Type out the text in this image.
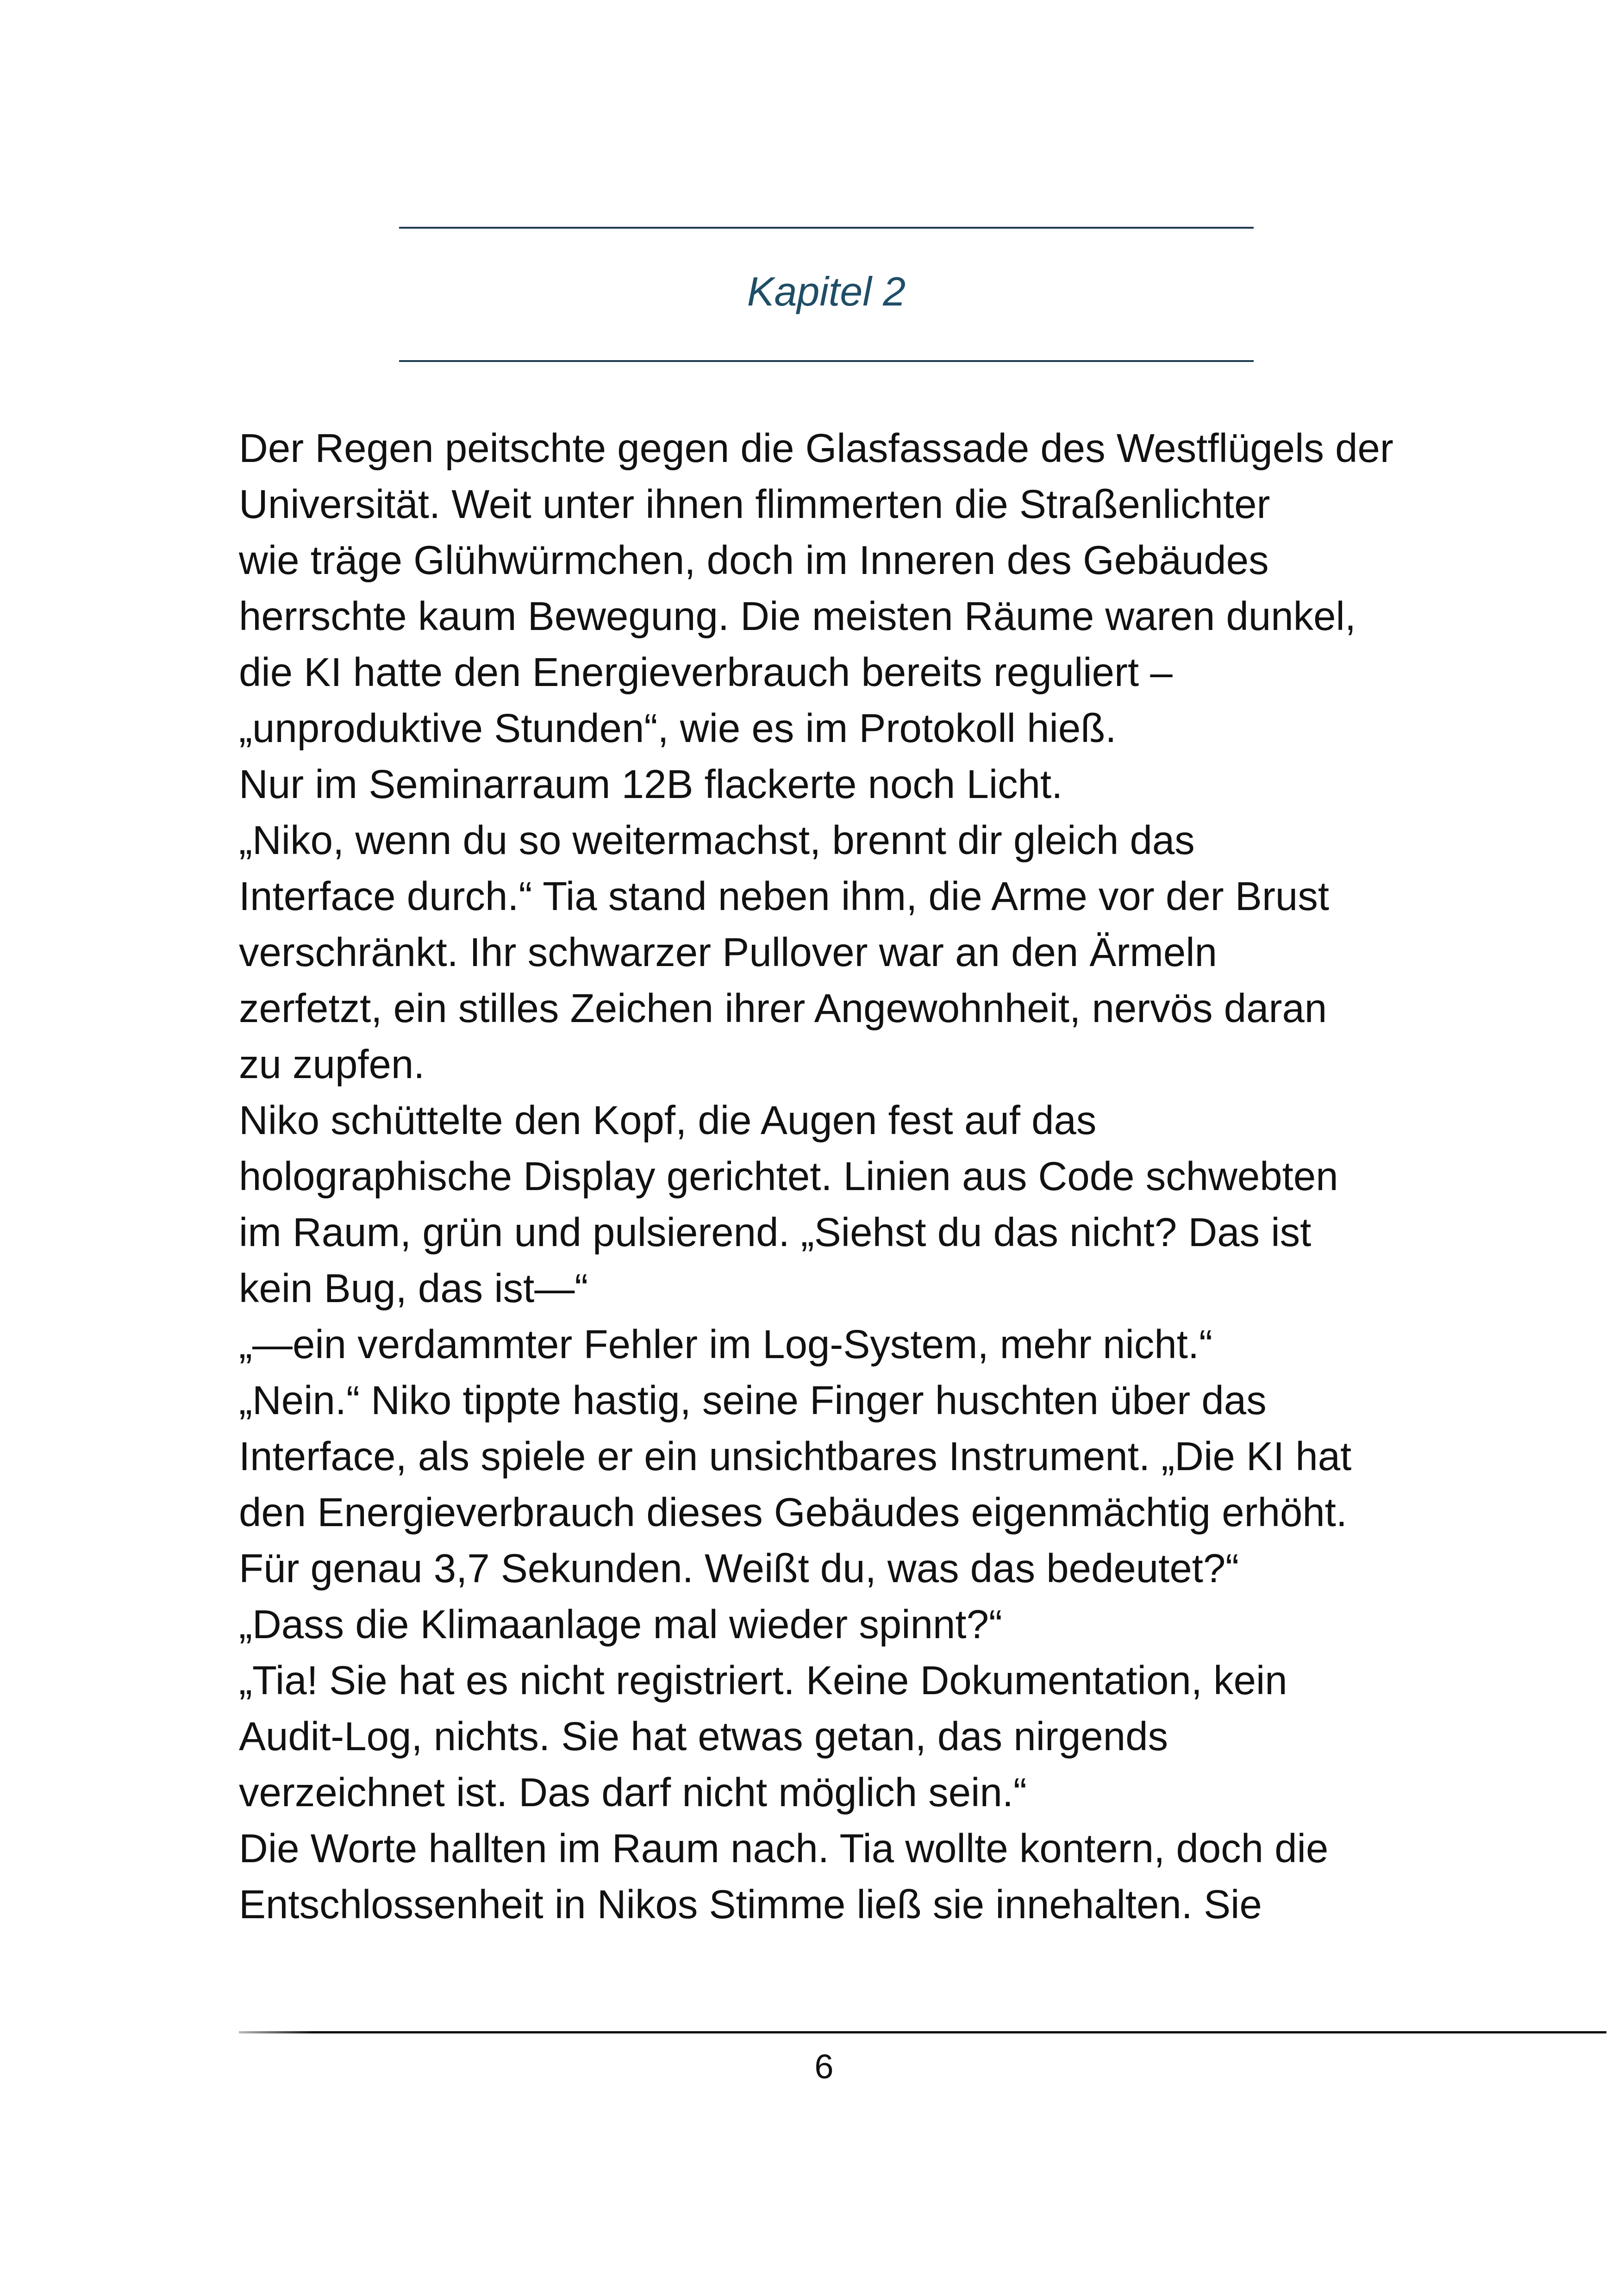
Kapitel 2
Der Regen peitschte gegen die Glasfassade des Westflügels der
Universität. Weit unter ihnen flimmerten die Straßenlichter
wie träge Glühwürmchen, doch im Inneren des Gebäudes
herrschte kaum Bewegung. Die meisten Räume waren dunkel,
die KI hatte den Energieverbrauch bereits reguliert –
„unproduktive Stunden“, wie es im Protokoll hieß.
Nur im Seminarraum 12B flackerte noch Licht.
„Niko, wenn du so weitermachst, brennt dir gleich das
Interface durch.“ Tia stand neben ihm, die Arme vor der Brust
verschränkt. Ihr schwarzer Pullover war an den Ärmeln
zerfetzt, ein stilles Zeichen ihrer Angewohnheit, nervös daran
zu zupfen.
Niko schüttelte den Kopf, die Augen fest auf das
holographische Display gerichtet. Linien aus Code schwebten
im Raum, grün und pulsierend. „Siehst du das nicht? Das ist
kein Bug, das ist—“
„—ein verdammter Fehler im Log-System, mehr nicht.“
„Nein.“ Niko tippte hastig, seine Finger huschten über das
Interface, als spiele er ein unsichtbares Instrument. „Die KI hat
den Energieverbrauch dieses Gebäudes eigenmächtig erhöht.
Für genau 3,7 Sekunden. Weißt du, was das bedeutet?“
„Dass die Klimaanlage mal wieder spinnt?“
„Tia! Sie hat es nicht registriert. Keine Dokumentation, kein
Audit-Log, nichts. Sie hat etwas getan, das nirgends
verzeichnet ist. Das darf nicht möglich sein.“
Die Worte hallten im Raum nach. Tia wollte kontern, doch die
Entschlossenheit in Nikos Stimme ließ sie innehalten. Sie
6
